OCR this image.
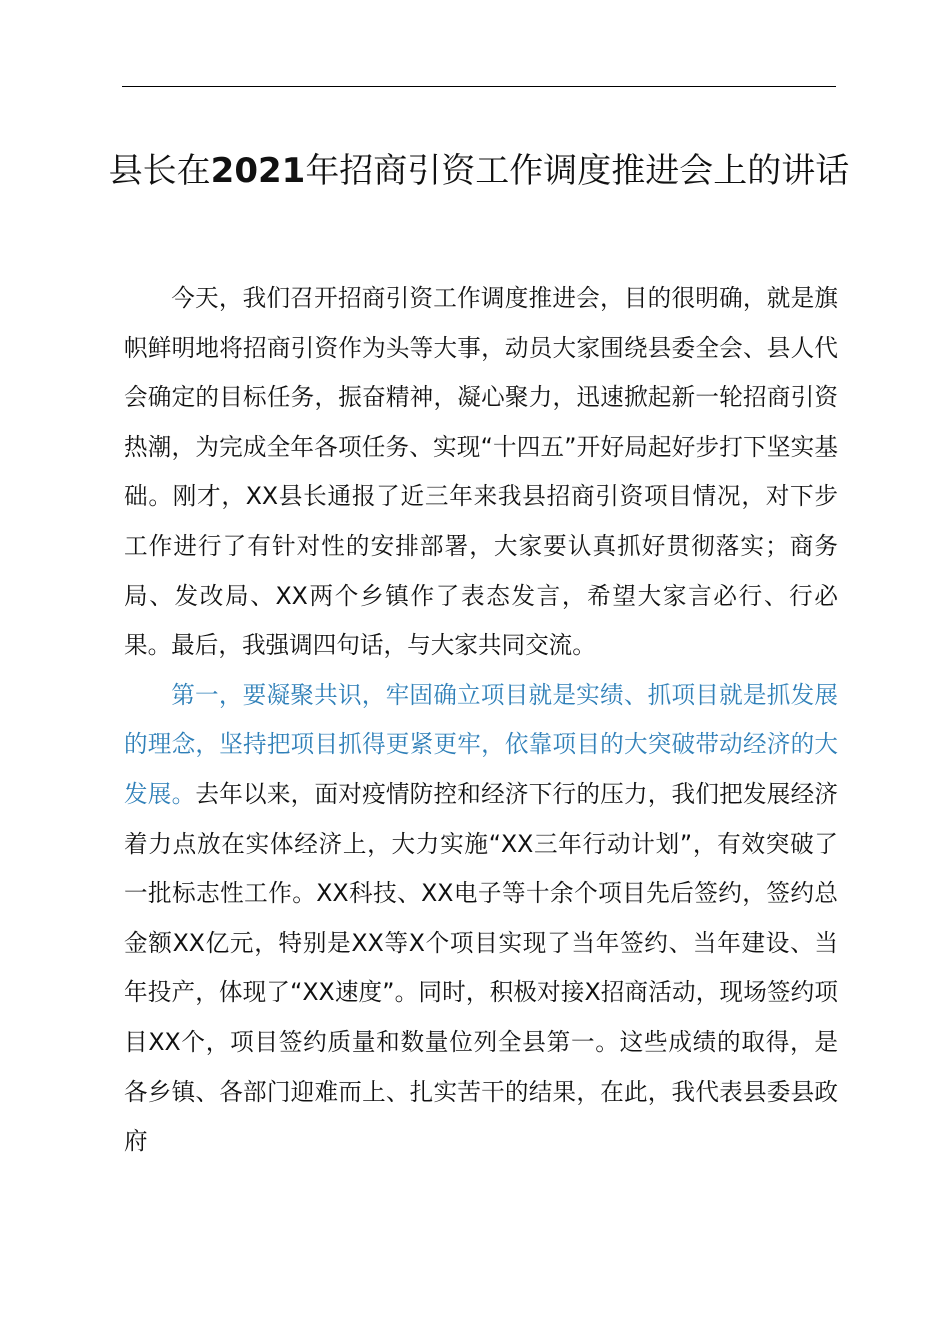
县长在2021年招商引资工作调度推进会上的讲话

今天，我们召开招商引资工作调度推进会，目的很明确，就是旗帜鲜明地将招商引资作为头等大事，动员大家围绕县委全会、县人代会确定的目标任务，振奋精神，凝心聚力，迅速掀起新一轮招商引资热潮，为完成全年各项任务、实现“十四五”开好局起好步打下坚实基础。刚才，XX县长通报了近三年来我县招商引资项目情况，对下步工作进行了有针对性的安排部署，大家要认真抓好贯彻落实；商务局、发改局、XX两个乡镇作了表态发言，希望大家言必行、行必果。最后，我强调四句话，与大家共同交流。

第一，要凝聚共识，牢固确立项目就是实绩、抓项目就是抓发展的理念，坚持把项目抓得更紧更牢，依靠项目的大突破带动经济的大发展。去年以来，面对疫情防控和经济下行的压力，我们把发展经济着力点放在实体经济上，大力实施“XX三年行动计划”，有效突破了一批标志性工作。XX科技、XX电子等十余个项目先后签约，签约总金额XX亿元，特别是XX等X个项目实现了当年签约、当年建设、当年投产，体现了“XX速度”。同时，积极对接X招商活动，现场签约项目XX个，项目签约质量和数量位列全县第一。这些成绩的取得，是各乡镇、各部门迎难而上、扎实苦干的结果，在此，我代表县委县政府
